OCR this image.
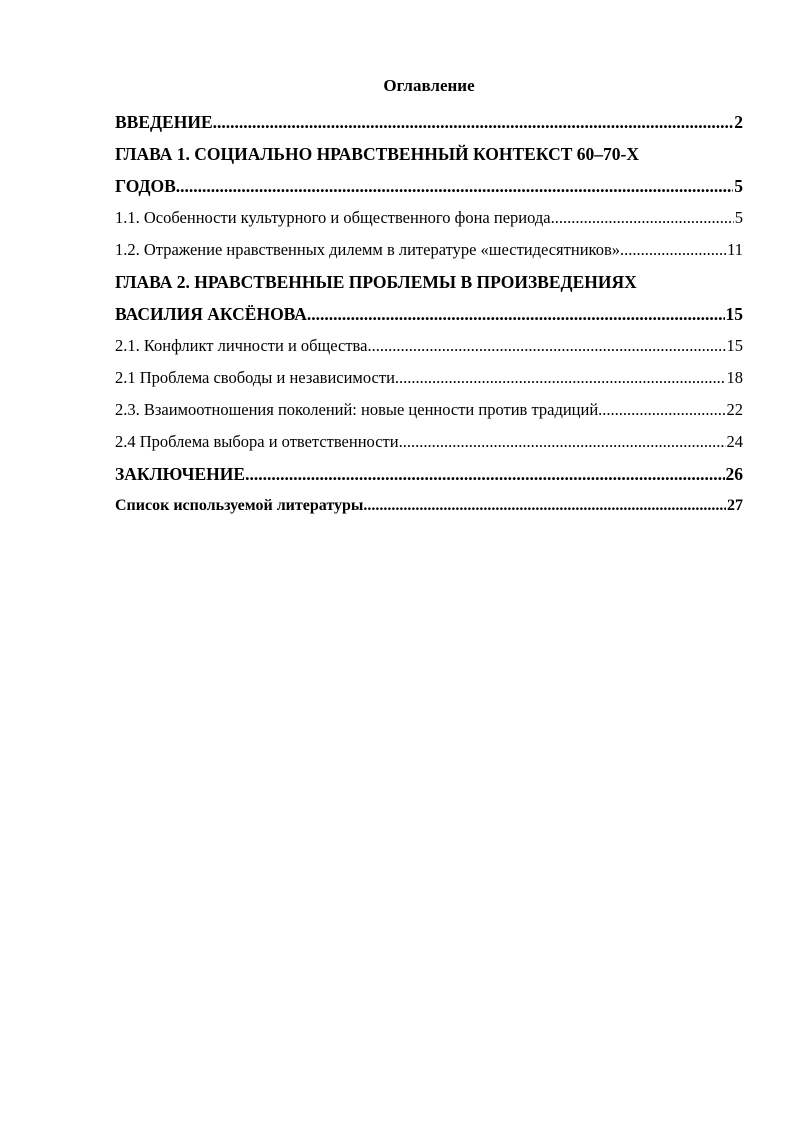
Оглавление
ВВЕДЕНИЕ .....	2
ГЛАВА 1. СОЦИАЛЬНО НРАВСТВЕННЫЙ КОНТЕКСТ 60–70-Х
ГОДОВ .....	5
1.1. Особенности культурного и общественного фона периода .....	5
1.2. Отражение нравственных дилемм в литературе «шестидесятников» .....	11
ГЛАВА 2. НРАВСТВЕННЫЕ ПРОБЛЕМЫ В ПРОИЗВЕДЕНИЯХ
ВАСИЛИЯ АКСЁНОВА .....	15
2.1. Конфликт личности и общества .....	15
2.1 Проблема свободы и независимости .....	18
2.3. Взаимоотношения поколений: новые ценности против традиций .....	22
2.4 Проблема выбора и ответственности .....	24
ЗАКЛЮЧЕНИЕ .....	26
Список используемой литературы .....	27
